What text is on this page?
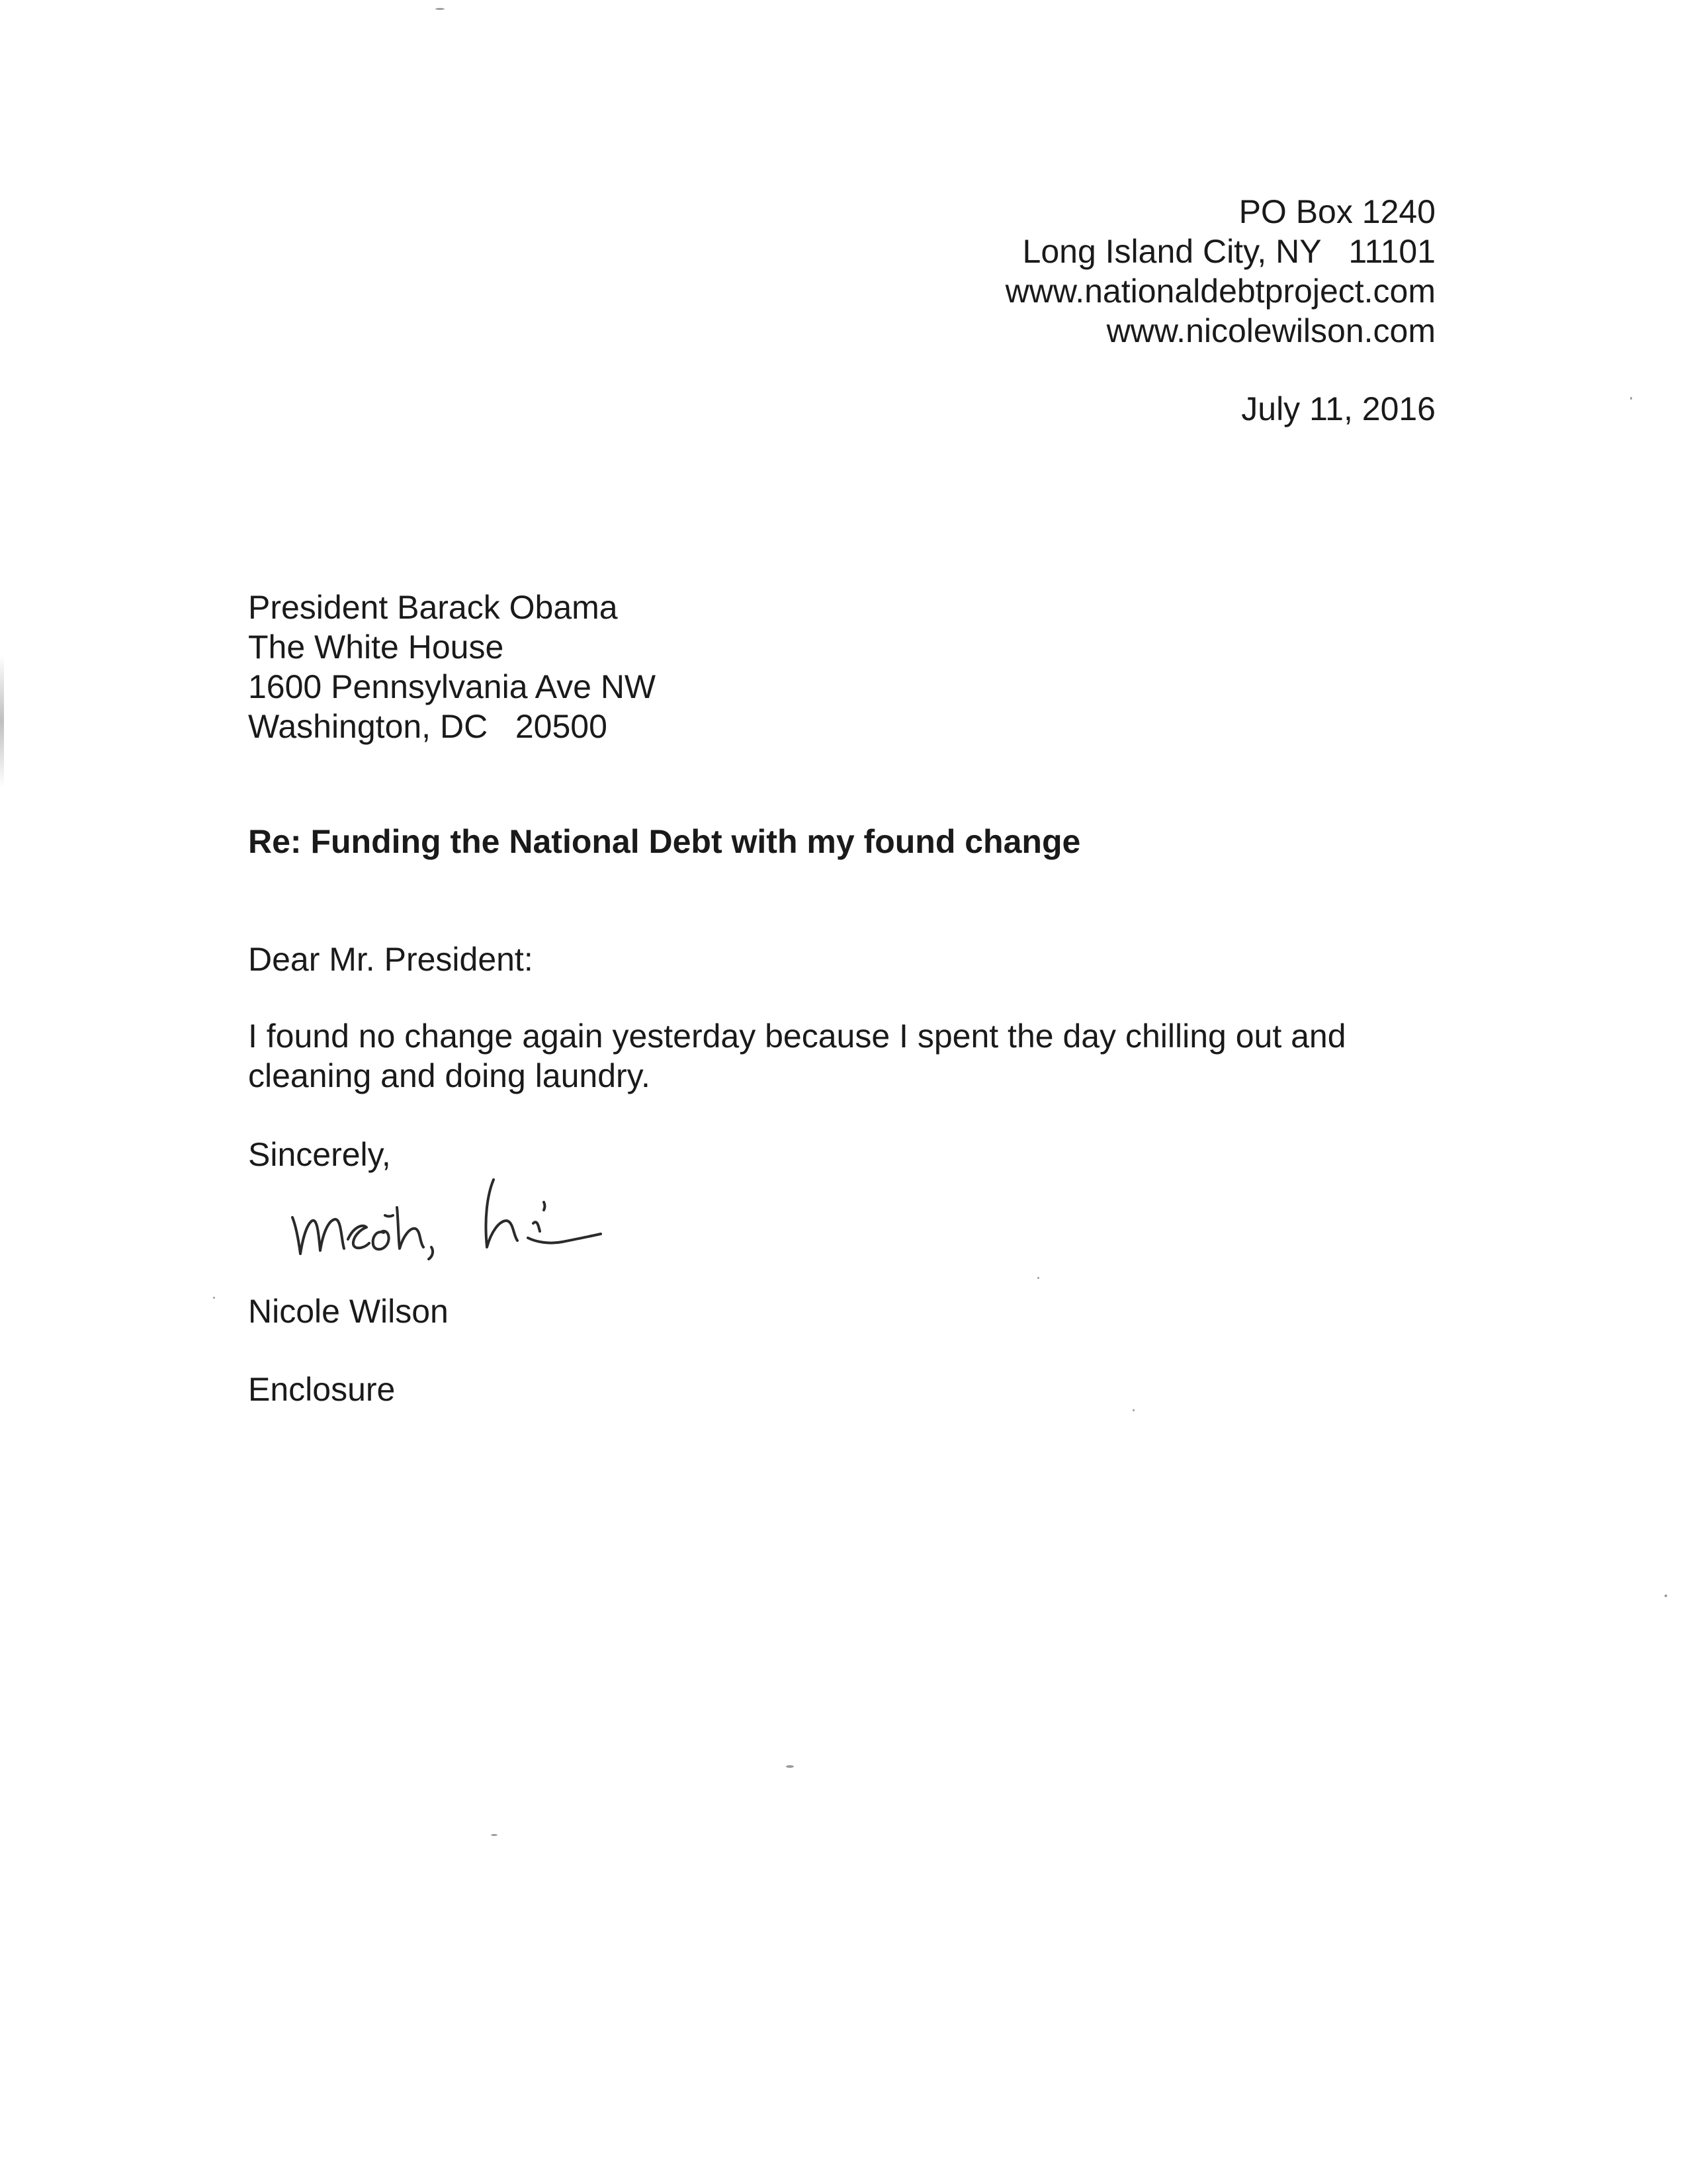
PO Box 1240
Long Island City, NY   11101
www.nationaldebtproject.com
www.nicolewilson.com
July 11, 2016
President Barack Obama
The White House
1600 Pennsylvania Ave NW
Washington, DC   20500
Re: Funding the National Debt with my found change
Dear Mr. President:
I found no change again yesterday because I spent the day chilling out and
cleaning and doing laundry.
Sincerely,
Nicole Wilson
Enclosure
